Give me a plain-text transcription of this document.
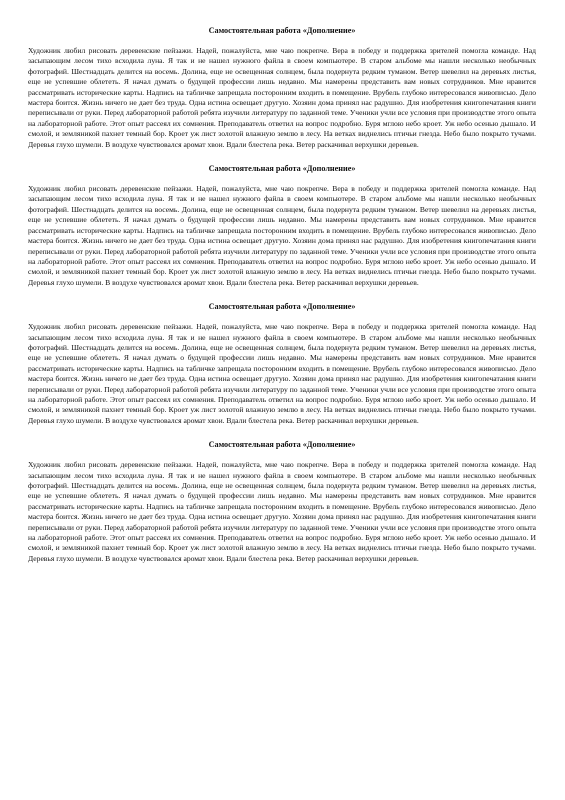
Самостоятельная работа «Дополнение»

Художник любил рисовать деревенские пейзажи. Надей, пожалуйста, мне чаю покрепче. Вера в победу и поддержка зрителей помогла команде. Над засыпающим лесом тихо всходила луна. Я так и не нашел нужного файла в своем компьютере. В старом альбоме мы нашли несколько необычных фотографий. Шестнадцать делится на восемь. Долина, еще не освещенная солнцем, была подернута редким туманом. Ветер шевелил на деревьях листья, еще не успевшие облететь. Я начал думать о будущей профессии лишь недавно. Мы намерены представить вам новых сотрудников. Мне нравится рассматривать исторические карты. Надпись на табличке запрещала посторонним входить в помещение. Врубель глубоко интересовался живописью. Дело мастера боится. Жизнь ничего не дает без труда. Одна истина освещает другую. Хозяин дома принял нас радушно. Для изобретения книгопечатания книги переписывали от руки. Перед лабораторной работой ребята изучили литературу по заданной теме. Ученики учли все условия при производстве этого опыта на лабораторной работе. Этот опыт рассеял их сомнения. Преподаватель ответил на вопрос подробно. Буря мглою небо кроет. Уж небо осенью дышало. И смолой, и земляникой пахнет темный бор. Кроет уж лист золотой влажную землю в лесу. На ветках виднелись птичьи гнезда. Небо было покрыто тучами. Деревья глухо шумели. В воздухе чувствовался аромат хвои. Вдали блестела река. Ветер раскачивал верхушки деревьев.

Самостоятельная работа «Дополнение»

Художник любил рисовать деревенские пейзажи. Надей, пожалуйста, мне чаю покрепче. Вера в победу и поддержка зрителей помогла команде. Над засыпающим лесом тихо всходила луна. Я так и не нашел нужного файла в своем компьютере. В старом альбоме мы нашли несколько необычных фотографий. Шестнадцать делится на восемь. Долина, еще не освещенная солнцем, была подернута редким туманом. Ветер шевелил на деревьях листья, еще не успевшие облететь. Я начал думать о будущей профессии лишь недавно. Мы намерены представить вам новых сотрудников. Мне нравится рассматривать исторические карты. Надпись на табличке запрещала посторонним входить в помещение. Врубель глубоко интересовался живописью. Дело мастера боится. Жизнь ничего не дает без труда. Одна истина освещает другую. Хозяин дома принял нас радушно. Для изобретения книгопечатания книги переписывали от руки. Перед лабораторной работой ребята изучили литературу по заданной теме. Ученики учли все условия при производстве этого опыта на лабораторной работе. Этот опыт рассеял их сомнения. Преподаватель ответил на вопрос подробно. Буря мглою небо кроет. Уж небо осенью дышало. И смолой, и земляникой пахнет темный бор. Кроет уж лист золотой влажную землю в лесу. На ветках виднелись птичьи гнезда. Небо было покрыто тучами. Деревья глухо шумели. В воздухе чувствовался аромат хвои. Вдали блестела река. Ветер раскачивал верхушки деревьев.

Самостоятельная работа «Дополнение»

Художник любил рисовать деревенские пейзажи. Надей, пожалуйста, мне чаю покрепче. Вера в победу и поддержка зрителей помогла команде. Над засыпающим лесом тихо всходила луна. Я так и не нашел нужного файла в своем компьютере. В старом альбоме мы нашли несколько необычных фотографий. Шестнадцать делится на восемь. Долина, еще не освещенная солнцем, была подернута редким туманом. Ветер шевелил на деревьях листья, еще не успевшие облететь. Я начал думать о будущей профессии лишь недавно. Мы намерены представить вам новых сотрудников. Мне нравится рассматривать исторические карты. Надпись на табличке запрещала посторонним входить в помещение. Врубель глубоко интересовался живописью. Дело мастера боится. Жизнь ничего не дает без труда. Одна истина освещает другую. Хозяин дома принял нас радушно. Для изобретения книгопечатания книги переписывали от руки. Перед лабораторной работой ребята изучили литературу по заданной теме. Ученики учли все условия при производстве этого опыта на лабораторной работе. Этот опыт рассеял их сомнения. Преподаватель ответил на вопрос подробно. Буря мглою небо кроет. Уж небо осенью дышало. И смолой, и земляникой пахнет темный бор. Кроет уж лист золотой влажную землю в лесу. На ветках виднелись птичьи гнезда. Небо было покрыто тучами. Деревья глухо шумели. В воздухе чувствовался аромат хвои. Вдали блестела река. Ветер раскачивал верхушки деревьев.

Самостоятельная работа «Дополнение»

Художник любил рисовать деревенские пейзажи. Надей, пожалуйста, мне чаю покрепче. Вера в победу и поддержка зрителей помогла команде. Над засыпающим лесом тихо всходила луна. Я так и не нашел нужного файла в своем компьютере. В старом альбоме мы нашли несколько необычных фотографий. Шестнадцать делится на восемь. Долина, еще не освещенная солнцем, была подернута редким туманом. Ветер шевелил на деревьях листья, еще не успевшие облететь. Я начал думать о будущей профессии лишь недавно. Мы намерены представить вам новых сотрудников. Мне нравится рассматривать исторические карты. Надпись на табличке запрещала посторонним входить в помещение. Врубель глубоко интересовался живописью. Дело мастера боится. Жизнь ничего не дает без труда. Одна истина освещает другую. Хозяин дома принял нас радушно. Для изобретения книгопечатания книги переписывали от руки. Перед лабораторной работой ребята изучили литературу по заданной теме. Ученики учли все условия при производстве этого опыта на лабораторной работе. Этот опыт рассеял их сомнения. Преподаватель ответил на вопрос подробно. Буря мглою небо кроет. Уж небо осенью дышало. И смолой, и земляникой пахнет темный бор. Кроет уж лист золотой влажную землю в лесу. На ветках виднелись птичьи гнезда. Небо было покрыто тучами. Деревья глухо шумели. В воздухе чувствовался аромат хвои. Вдали блестела река. Ветер раскачивал верхушки деревьев.
